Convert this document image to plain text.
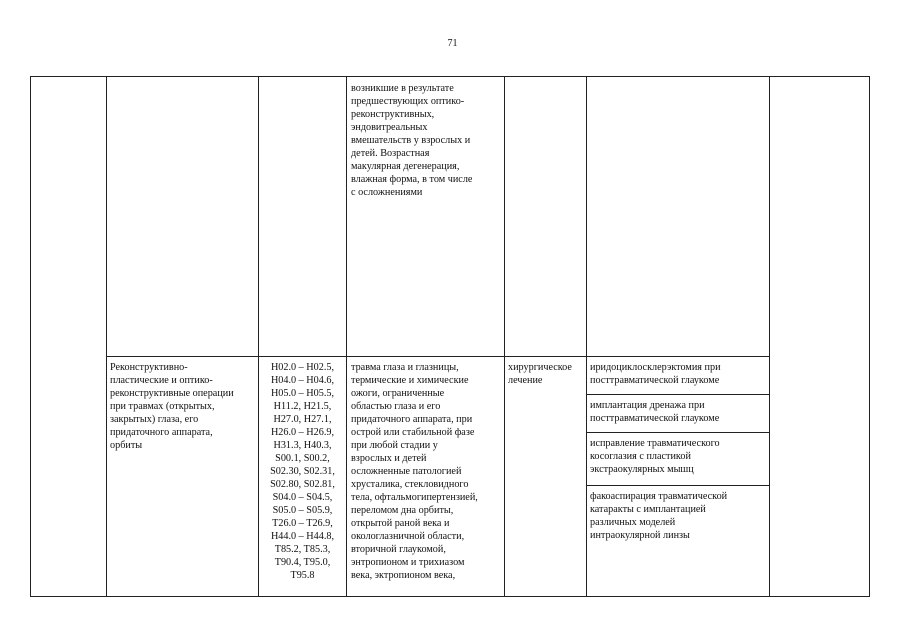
71
возникшие в результате
предшествующих оптико-
реконструктивных,
эндовитреальных
вмешательств у взрослых и
детей. Возрастная
макулярная дегенерация,
влажная форма, в том числе
с осложнениями
Реконструктивно-
пластические и оптико-
реконструктивные операции
при травмах (открытых,
закрытых) глаза, его
придаточного аппарата,
орбиты
H02.0 – H02.5,
H04.0 – H04.6,
H05.0 – H05.5,
H11.2, H21.5,
H27.0, H27.1,
H26.0 – H26.9,
H31.3, H40.3,
S00.1, S00.2,
S02.30, S02.31,
S02.80, S02.81,
S04.0 – S04.5,
S05.0 – S05.9,
T26.0 – T26.9,
H44.0 – H44.8,
T85.2, T85.3,
T90.4, T95.0,
T95.8
травма глаза и глазницы,
термические и химические
ожоги, ограниченные
областью глаза и его
придаточного аппарата, при
острой или стабильной фазе
при любой стадии у
взрослых и детей
осложненные патологией
хрусталика, стекловидного
тела, офтальмогипертензией,
переломом дна орбиты,
открытой раной века и
окологлазничной области,
вторичной глаукомой,
энтропионом и трихиазом
века, эктропионом века,
хирургическое
лечение
иридоциклосклерэктомия при
посттравматической глаукоме
имплантация дренажа при
посттравматической глаукоме
исправление травматического
косоглазия с пластикой
экстраокулярных мышц
факоаспирация травматической
катаракты с имплантацией
различных моделей
интраокулярной линзы
